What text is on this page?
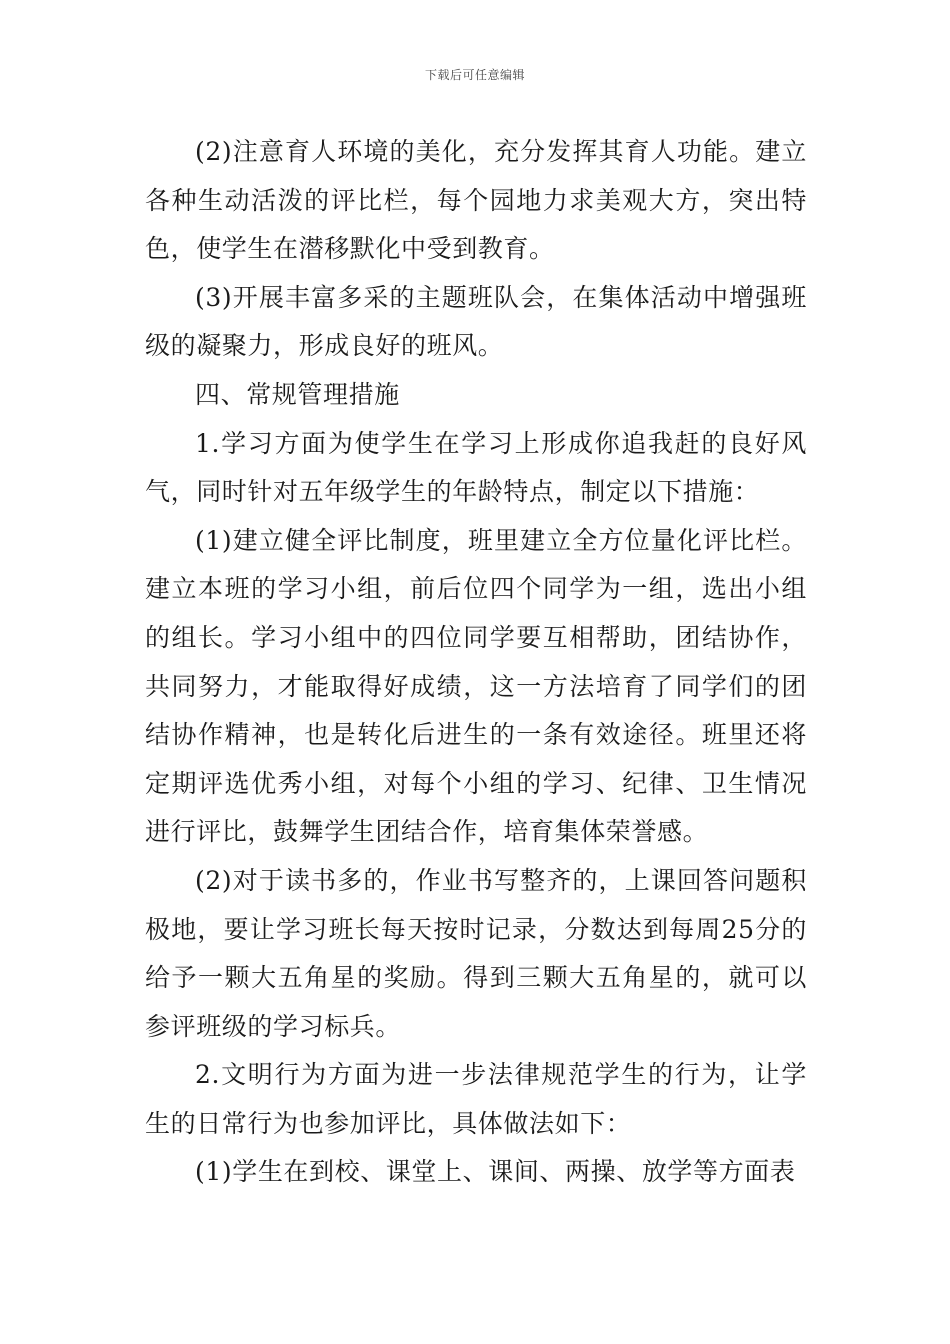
下载后可任意编辑

(2)注意育人环境的美化，充分发挥其育人功能。建立各种生动活泼的评比栏，每个园地力求美观大方，突出特色，使学生在潜移默化中受到教育。

(3)开展丰富多采的主题班队会，在集体活动中增强班级的凝聚力，形成良好的班风。

四、常规管理措施

1.学习方面为使学生在学习上形成你追我赶的良好风气，同时针对五年级学生的年龄特点，制定以下措施：

(1)建立健全评比制度，班里建立全方位量化评比栏。建立本班的学习小组，前后位四个同学为一组，选出小组的组长。学习小组中的四位同学要互相帮助，团结协作，共同努力，才能取得好成绩，这一方法培育了同学们的团结协作精神，也是转化后进生的一条有效途径。班里还将定期评选优秀小组，对每个小组的学习、纪律、卫生情况进行评比，鼓舞学生团结合作，培育集体荣誉感。

(2)对于读书多的，作业书写整齐的，上课回答问题积极地，要让学习班长每天按时记录，分数达到每周25分的给予一颗大五角星的奖励。得到三颗大五角星的，就可以参评班级的学习标兵。

2.文明行为方面为进一步法律规范学生的行为，让学生的日常行为也参加评比，具体做法如下：

(1)学生在到校、课堂上、课间、两操、放学等方面表
